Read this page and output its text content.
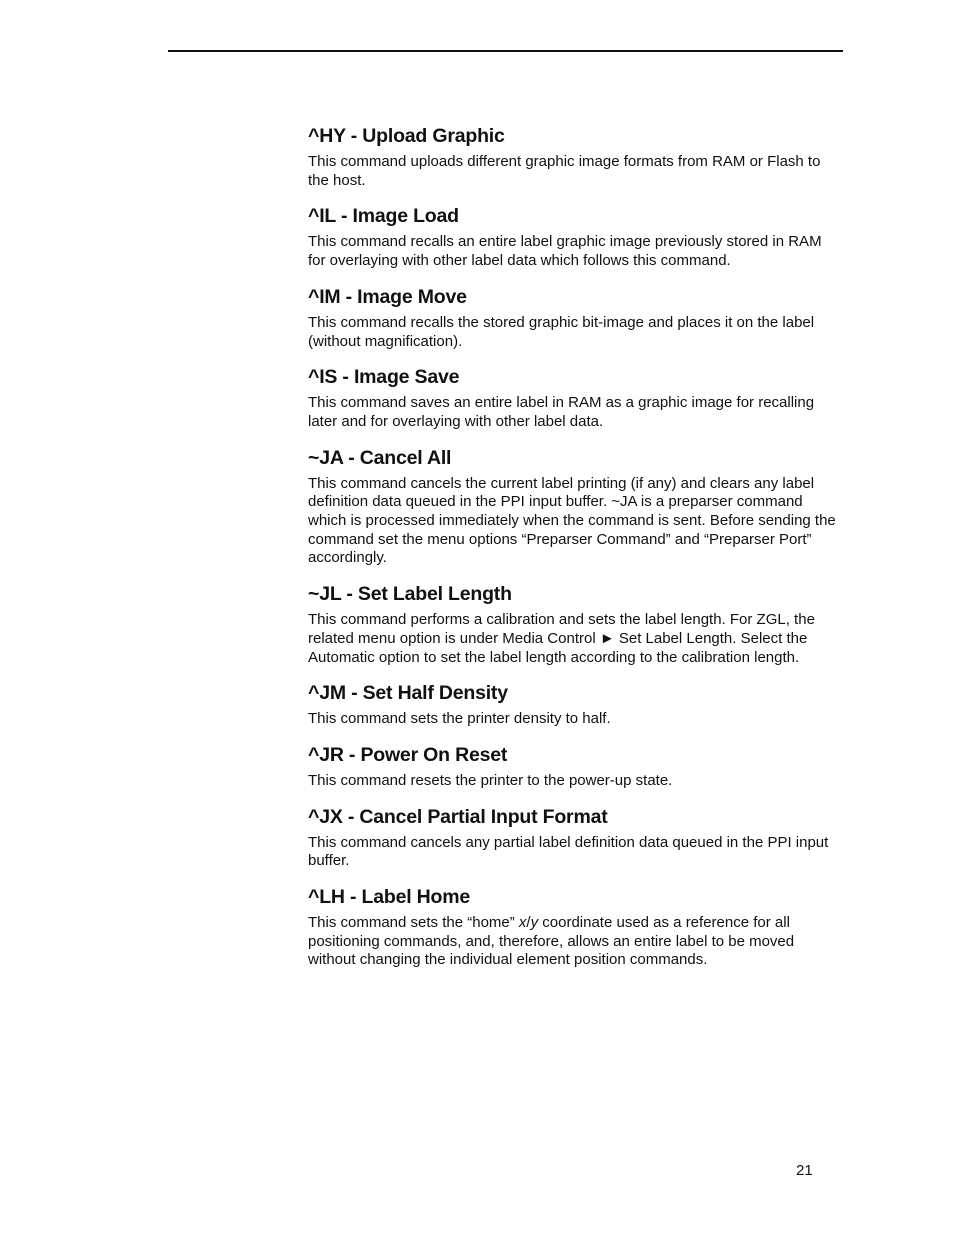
^HY - Upload Graphic

This command uploads different graphic image formats from RAM or Flash to the host.

^IL - Image Load

This command recalls an entire label graphic image previously stored in RAM for overlaying with other label data which follows this command.

^IM - Image Move

This command recalls the stored graphic bit-image and places it on the label (without magnification).

^IS - Image Save

This command saves an entire label in RAM as a graphic image for recalling later and for overlaying with other label data.

~JA - Cancel All

This command cancels the current label printing (if any) and clears any label definition data queued in the PPI input buffer. ~JA is a preparser command which is processed immediately when the command is sent. Before sending the command set the menu options “Preparser Command” and “Preparser Port” accordingly.

~JL - Set Label Length

This command performs a calibration and sets the label length. For ZGL, the related menu option is under Media Control ► Set Label Length. Select the Automatic option to set the label length according to the calibration length.

^JM - Set Half Density

This command sets the printer density to half.

^JR - Power On Reset

This command resets the printer to the power-up state.

^JX - Cancel Partial Input Format

This command cancels any partial label definition data queued in the PPI input buffer.

^LH - Label Home

This command sets the “home” x/y coordinate used as a reference for all positioning commands, and, therefore, allows an entire label to be moved without changing the individual element position commands.

21
